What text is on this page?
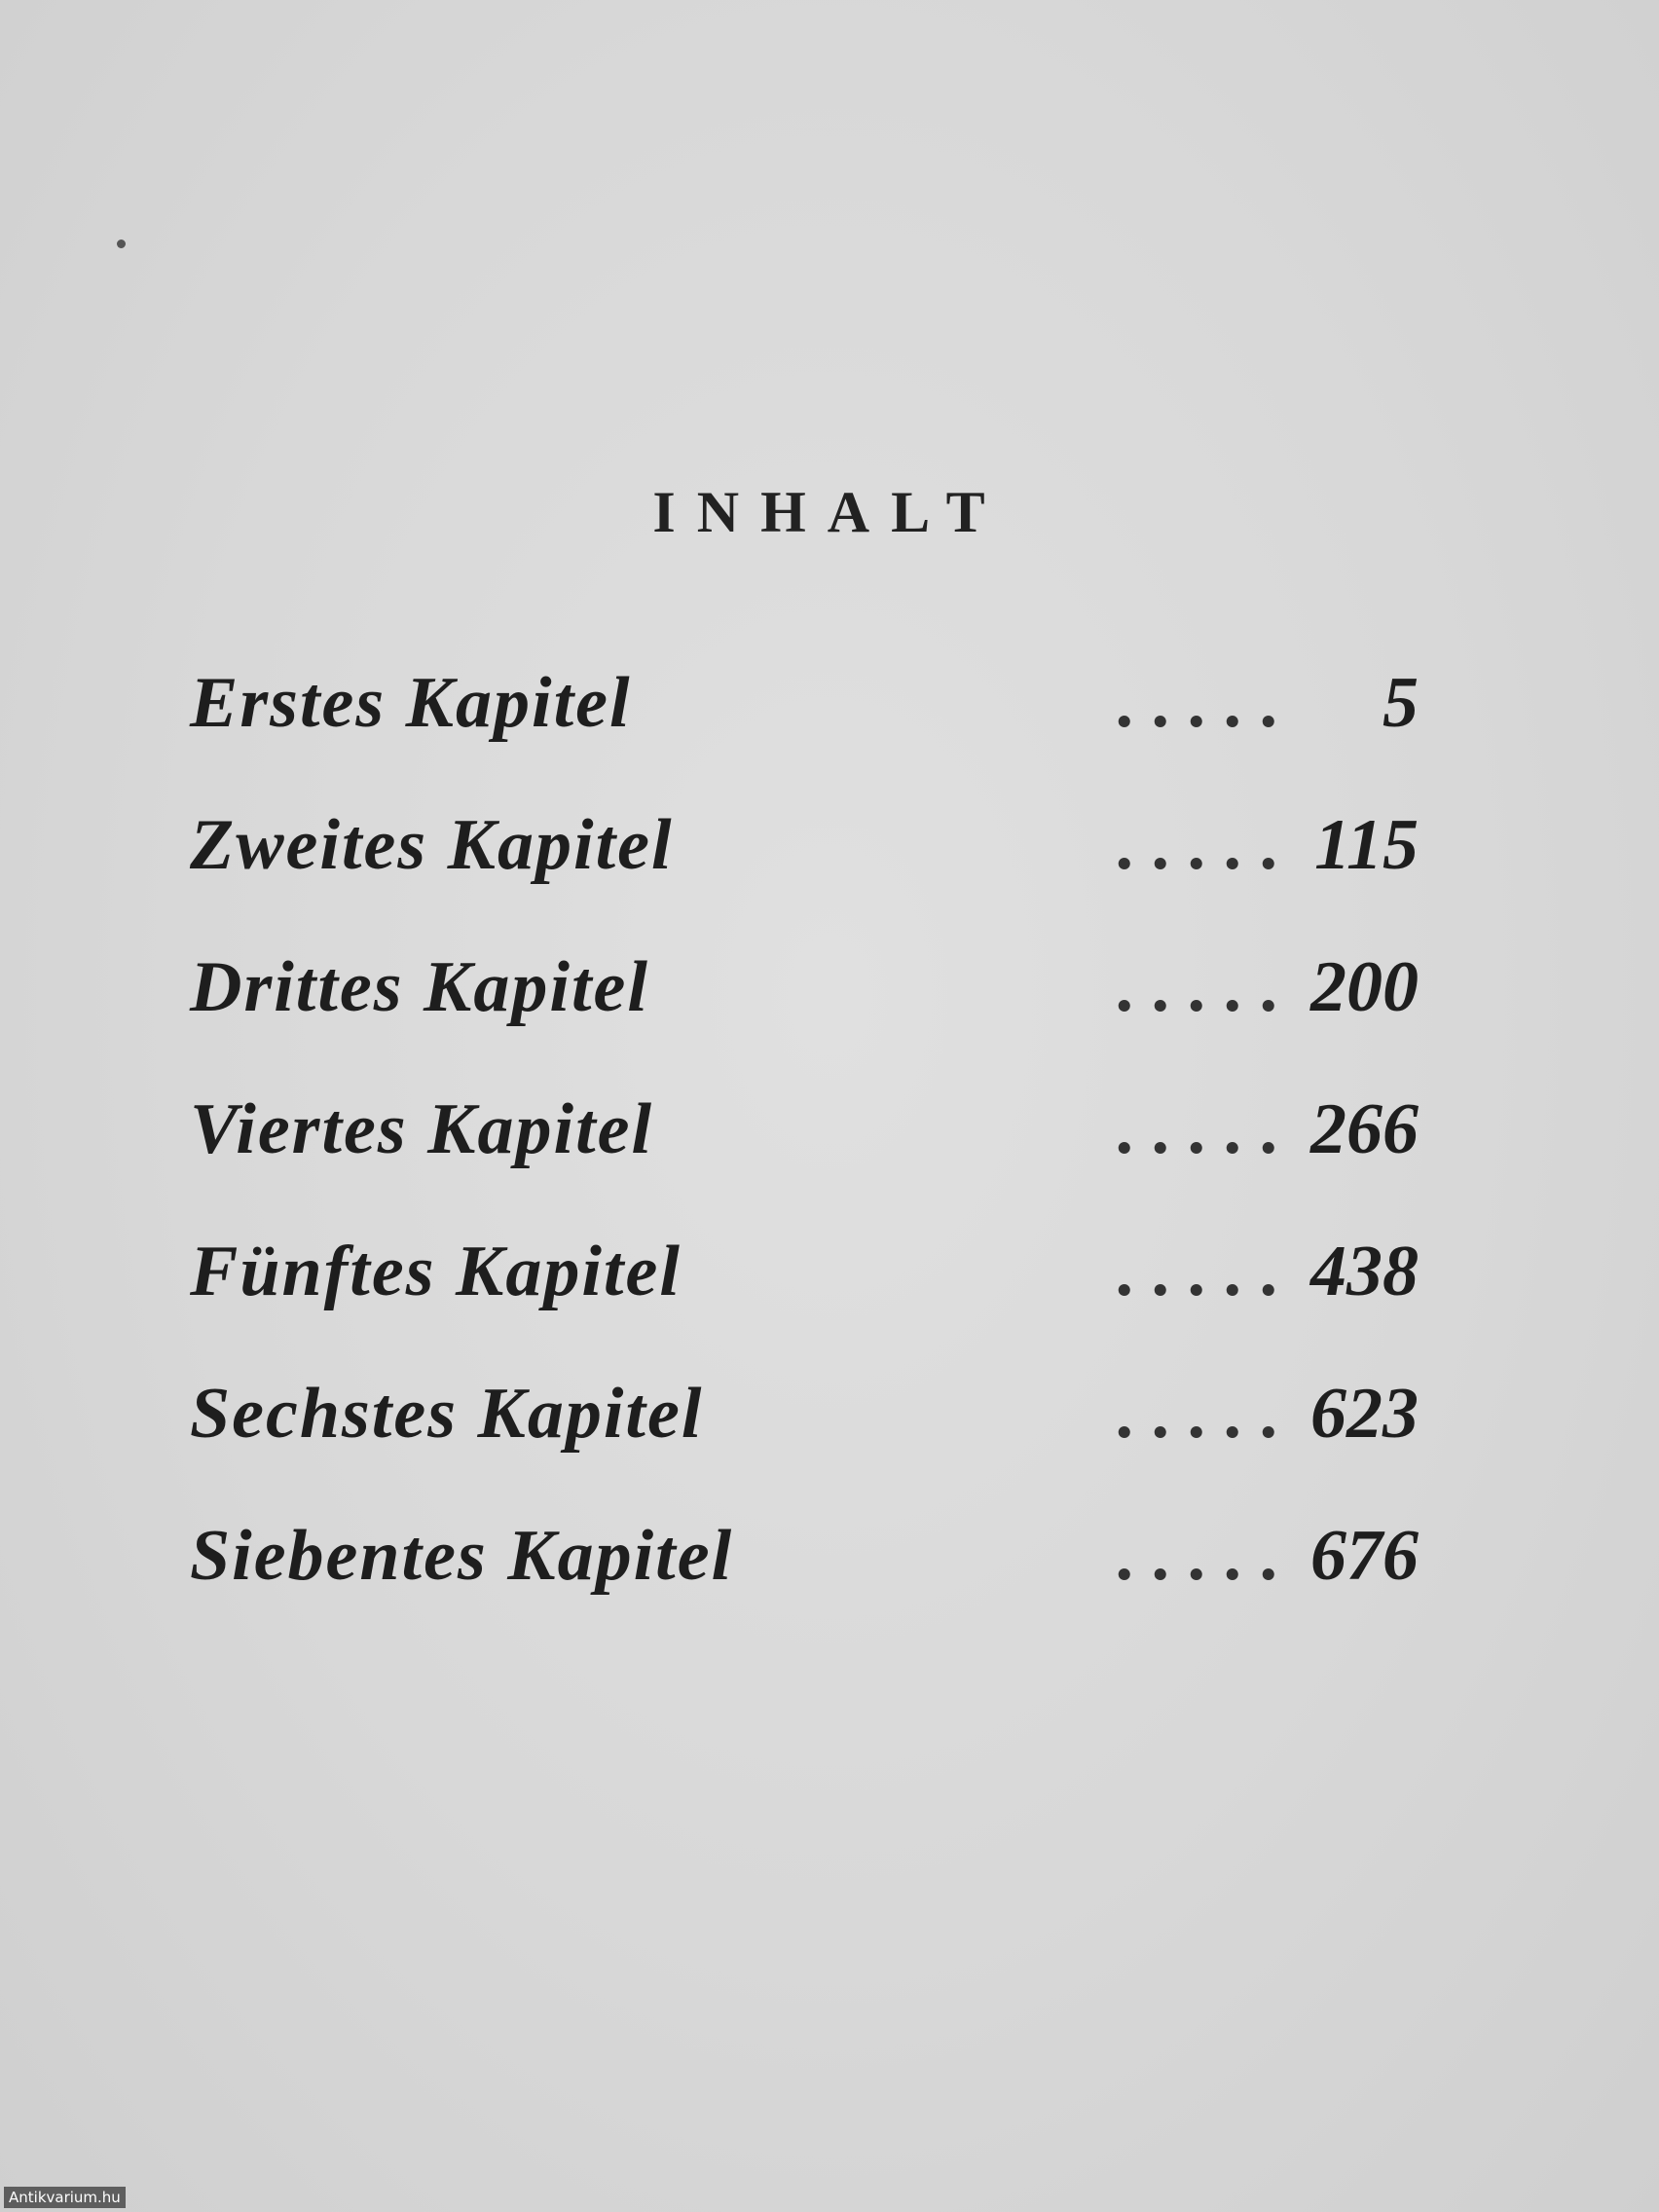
INHALT
Erstes Kapitel	. . . . . 5
Zweites Kapitel	. . . . . 115
Drittes Kapitel	. . . . . 200
Viertes Kapitel	. . . . . 266
Fünftes Kapitel	. . . . . 438
Sechstes Kapitel	. . . . . 623
Siebentes Kapitel	. . . . . 676
Antikvarium.hu
